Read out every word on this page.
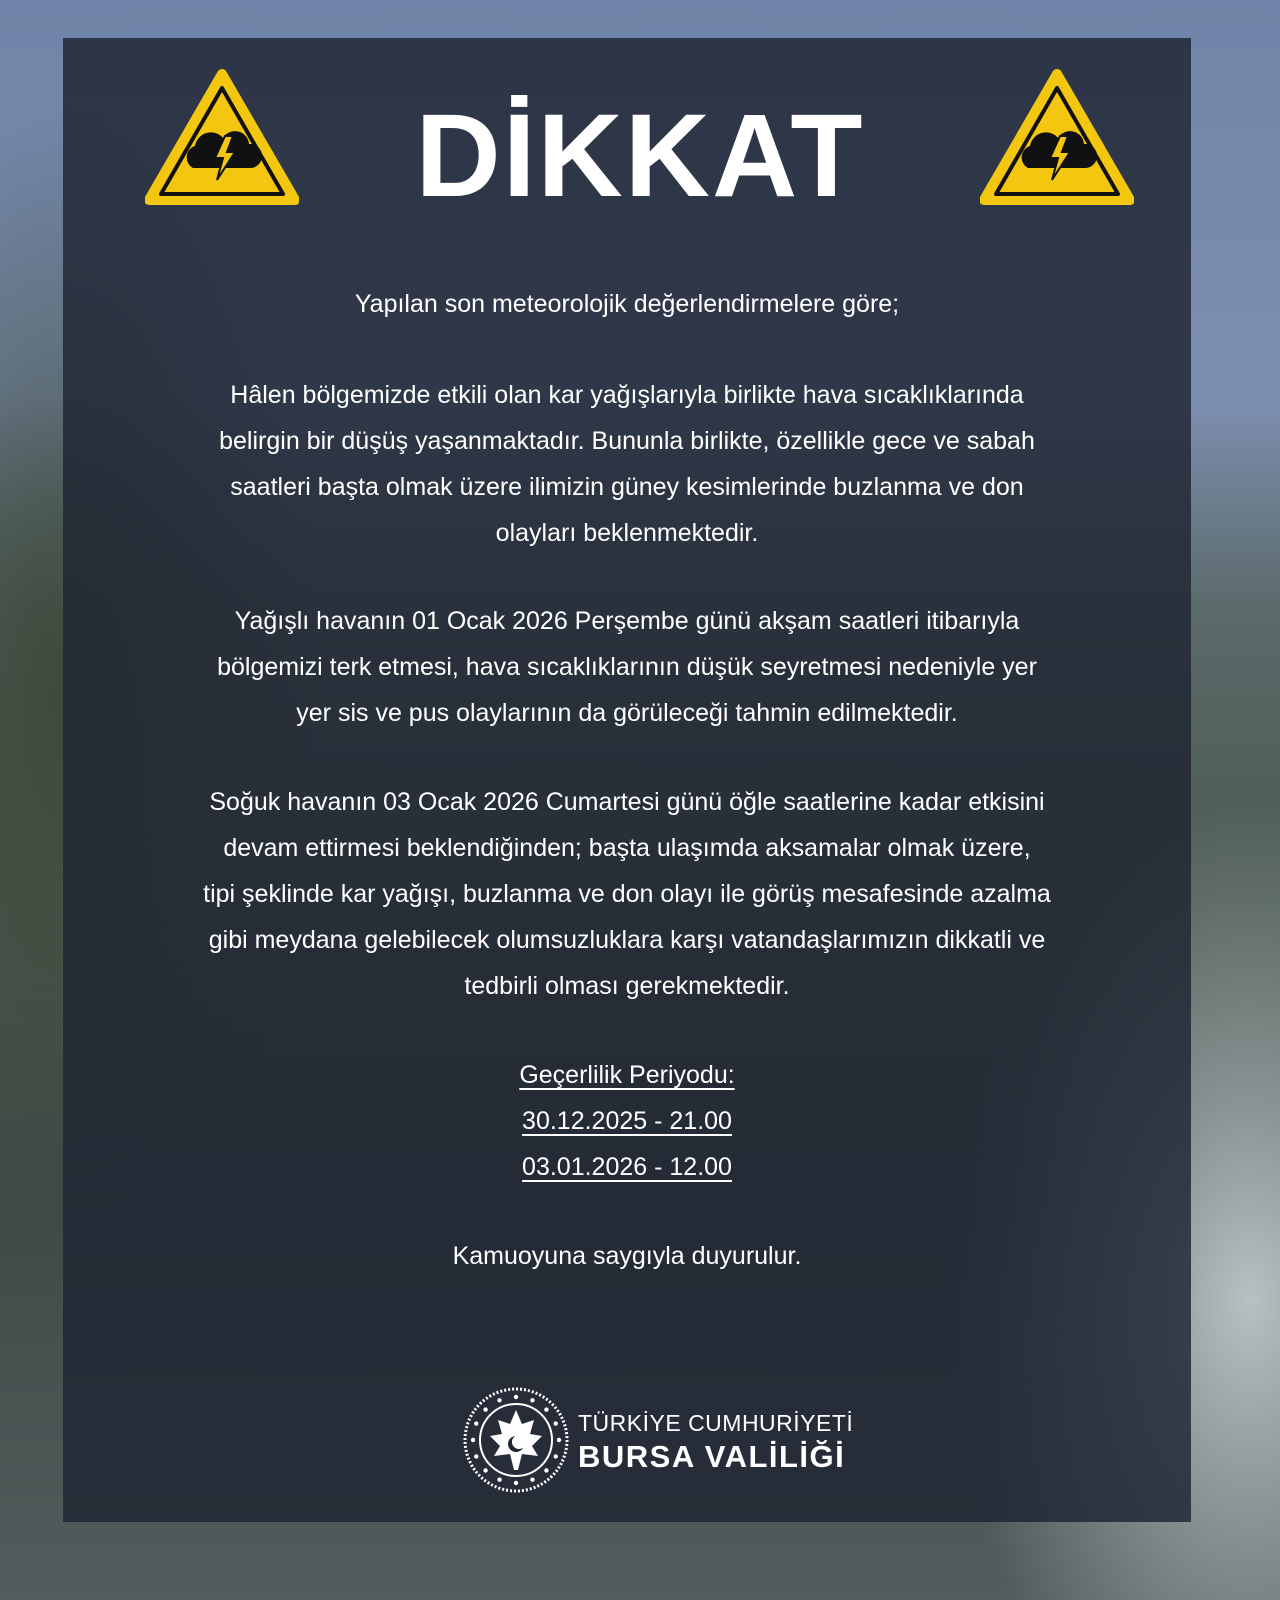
DİKKAT
Yapılan son meteorolojik değerlendirmelere göre;
Hâlen bölgemizde etkili olan kar yağışlarıyla birlikte hava sıcaklıklarında
belirgin bir düşüş yaşanmaktadır. Bununla birlikte, özellikle gece ve sabah
saatleri başta olmak üzere ilimizin güney kesimlerinde buzlanma ve don
olayları beklenmektedir.
Yağışlı havanın 01 Ocak 2026 Perşembe günü akşam saatleri itibarıyla
bölgemizi terk etmesi, hava sıcaklıklarının düşük seyretmesi nedeniyle yer
yer sis ve pus olaylarının da görüleceği tahmin edilmektedir.
Soğuk havanın 03 Ocak 2026 Cumartesi günü öğle saatlerine kadar etkisini
devam ettirmesi beklendiğinden; başta ulaşımda aksamalar olmak üzere,
tipi şeklinde kar yağışı, buzlanma ve don olayı ile görüş mesafesinde azalma
gibi meydana gelebilecek olumsuzluklara karşı vatandaşlarımızın dikkatli ve
tedbirli olması gerekmektedir.
Geçerlilik Periyodu:
30.12.2025 - 21.00
03.01.2026 - 12.00
Kamuoyuna saygıyla duyurulur.
TÜRKİYE CUMHURİYETİ
BURSA VALİLİĞİ
